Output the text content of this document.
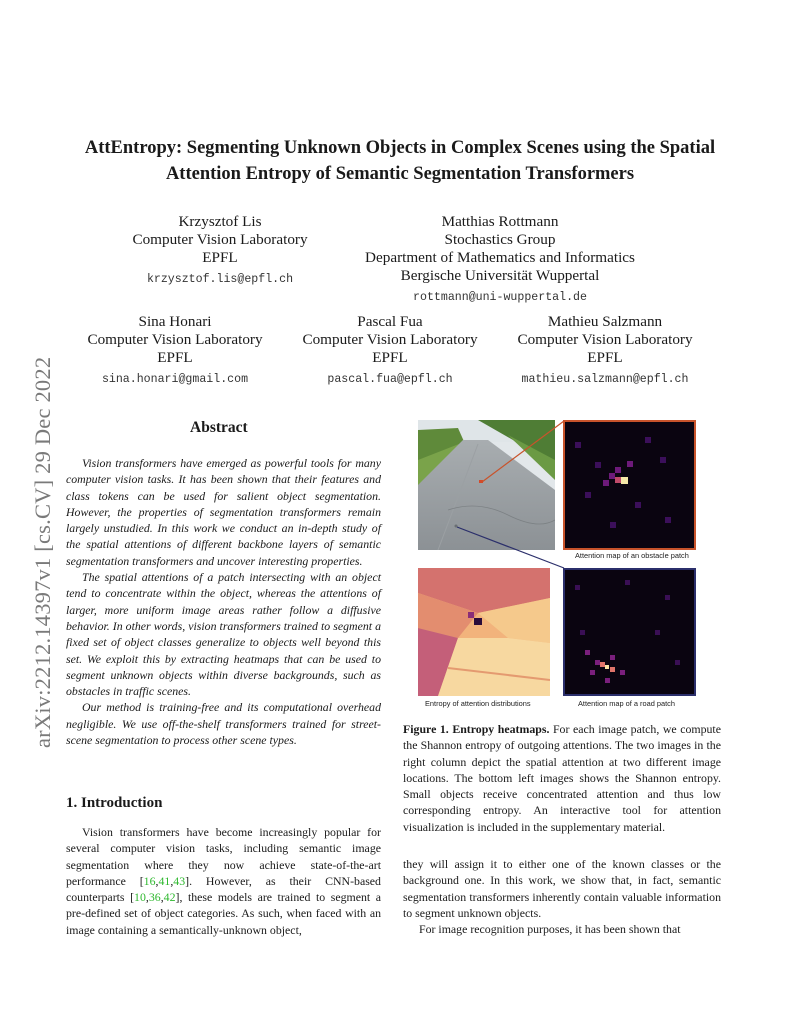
arXiv:2212.14397v1 [cs.CV] 29 Dec 2022
AttEntropy: Segmenting Unknown Objects in Complex Scenes using the Spatial
Attention Entropy of Semantic Segmentation Transformers
Krzysztof Lis
Computer Vision Laboratory
EPFL
krzysztof.lis@epfl.ch
Matthias Rottmann
Stochastics Group
Department of Mathematics and Informatics
Bergische Universität Wuppertal
rottmann@uni-wuppertal.de
Sina Honari
Computer Vision Laboratory
EPFL
sina.honari@gmail.com
Pascal Fua
Computer Vision Laboratory
EPFL
pascal.fua@epfl.ch
Mathieu Salzmann
Computer Vision Laboratory
EPFL
mathieu.salzmann@epfl.ch
Abstract

Vision transformers have emerged as powerful tools for many computer vision tasks. It has been shown that their features and class tokens can be used for salient object segmentation. However, the properties of segmentation transformers remain largely unstudied. In this work we conduct an in-depth study of the spatial attentions of different backbone layers of semantic segmentation transformers and uncover interesting properties.

The spatial attentions of a patch intersecting with an object tend to concentrate within the object, whereas the attentions of larger, more uniform image areas rather follow a diffusive behavior. In other words, vision transformers trained to segment a fixed set of object classes generalize to objects well beyond this set. We exploit this by extracting heatmaps that can be used to segment unknown objects within diverse backgrounds, such as obstacles in traffic scenes.

Our method is training-free and its computational overhead negligible. We use off-the-shelf transformers trained for street-scene segmentation to process other scene types.

1. Introduction

Vision transformers have become increasingly popular for several computer vision tasks, including semantic image segmentation where they now achieve state-of-the-art performance [16,41,43]. However, as their CNN-based counterparts [10,36,42], these models are trained to segment a pre-defined set of object categories. As such, when faced with an image containing a semantically-unknown object,

they will assign it to either one of the known classes or the background one. In this work, we show that, in fact, semantic segmentation transformers inherently contain valuable information to segment unknown objects.

For image recognition purposes, it has been shown that

Attention map of an obstacle patch
Entropy of attention distributions	Attention map of a road patch
Figure 1. Entropy heatmaps. For each image patch, we compute the Shannon entropy of outgoing attentions. The two images in the right column depict the spatial attention at two different image locations. The bottom left images shows the Shannon entropy. Small objects receive concentrated attention and thus low corresponding entropy. An interactive tool for attention visualization is included in the supplementary material.
